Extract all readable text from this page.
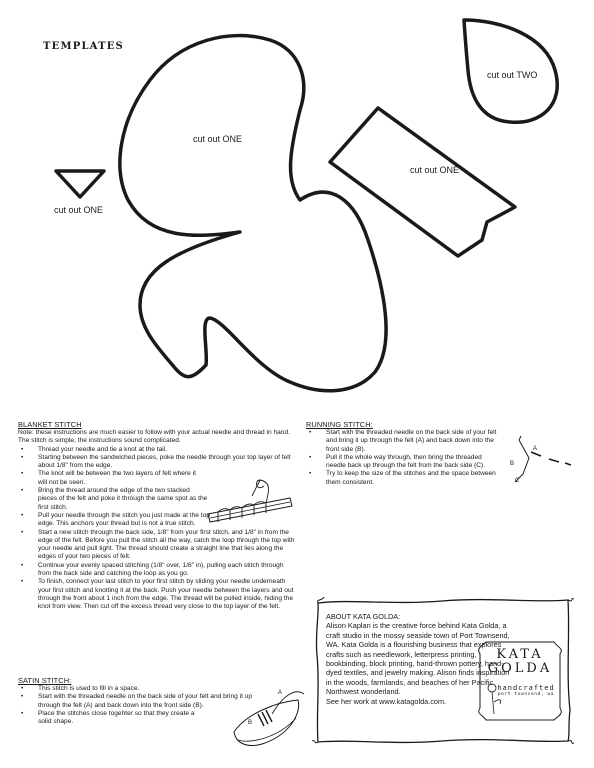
TEMPLATES
cut out ONE
cut out ONE
cut out TWO
cut out ONE
BLANKET STITCH
Note: these instructions are much easier to follow with your actual needle and thread in hand. The stitch is simple, the instructions sound complicated.
• Thread your needle and tie a knot at the tail.
• Starting between the sandwiched pieces, poke the needle through your top layer of felt about 1/8" from the edge.
• The knot will be between the two layers of felt where it will not be seen.
• Bring the thread around the edge of the two stacked pieces of the felt and poke it through the same spot as the first stitch.
• Pull your needle through the stitch you just made at the top edge. This anchors your thread but is not a true stitch.
• Start a new stitch through the back side, 1/8" from your first stitch, and 1/8" in from the edge of the felt. Before you pull the stitch all the way, catch the loop through the top with your needle and pull tight. The thread should create a straight line that lies along the edges of your two pieces of felt.
• Continue your evenly spaced stitching (1/8" over, 1/8" in), pulling each stitch through from the back side and catching the loop as you go.
• To finish, connect your last stitch to your first stitch by sliding your needle underneath your first stitch and knotting it at the back. Push your needle between the layers and out through the front about 1 inch from the edge. The thread will be pulled inside, hiding the knot from view. Then cut off the excess thread very close to the top layer of the felt.
SATIN STITCH:
• This stitch is used to fill in a space.
• Start with the threaded needle on the back side of your felt and bring it up through the felt (A) and back down into the front side (B).
• Place the stitches close togehter so that they create a solid shape.
A
B
RUNNING STITCH:
• Start with the threaded needle on the back side of your felt and bring it up through the felt (A) and back down into the front side (B).
• Pull it the whole way through, then bring the threaded needle back up through the felt from the back side (C).
• Try to keep the size of the stitches and the space between them consistent.
A
B
C
ABOUT KATA GOLDA:
Alison Kaplan is the creative force behind Kata Golda, a craft studio in the mossy seaside town of Port Townsend, WA. Kata Golda is a flourishing business that explores crafts such as needlework, letterpress printing, bookbinding, block printing, hand-thrown pottery, hand-dyed textiles, and jewelry making. Alison finds inspiration in the woods, farmlands, and beaches of her Pacific Northwest wonderland.
See her work at www.katagolda.com.
KATA
GOLDA
handcrafted
port townsend, wa
